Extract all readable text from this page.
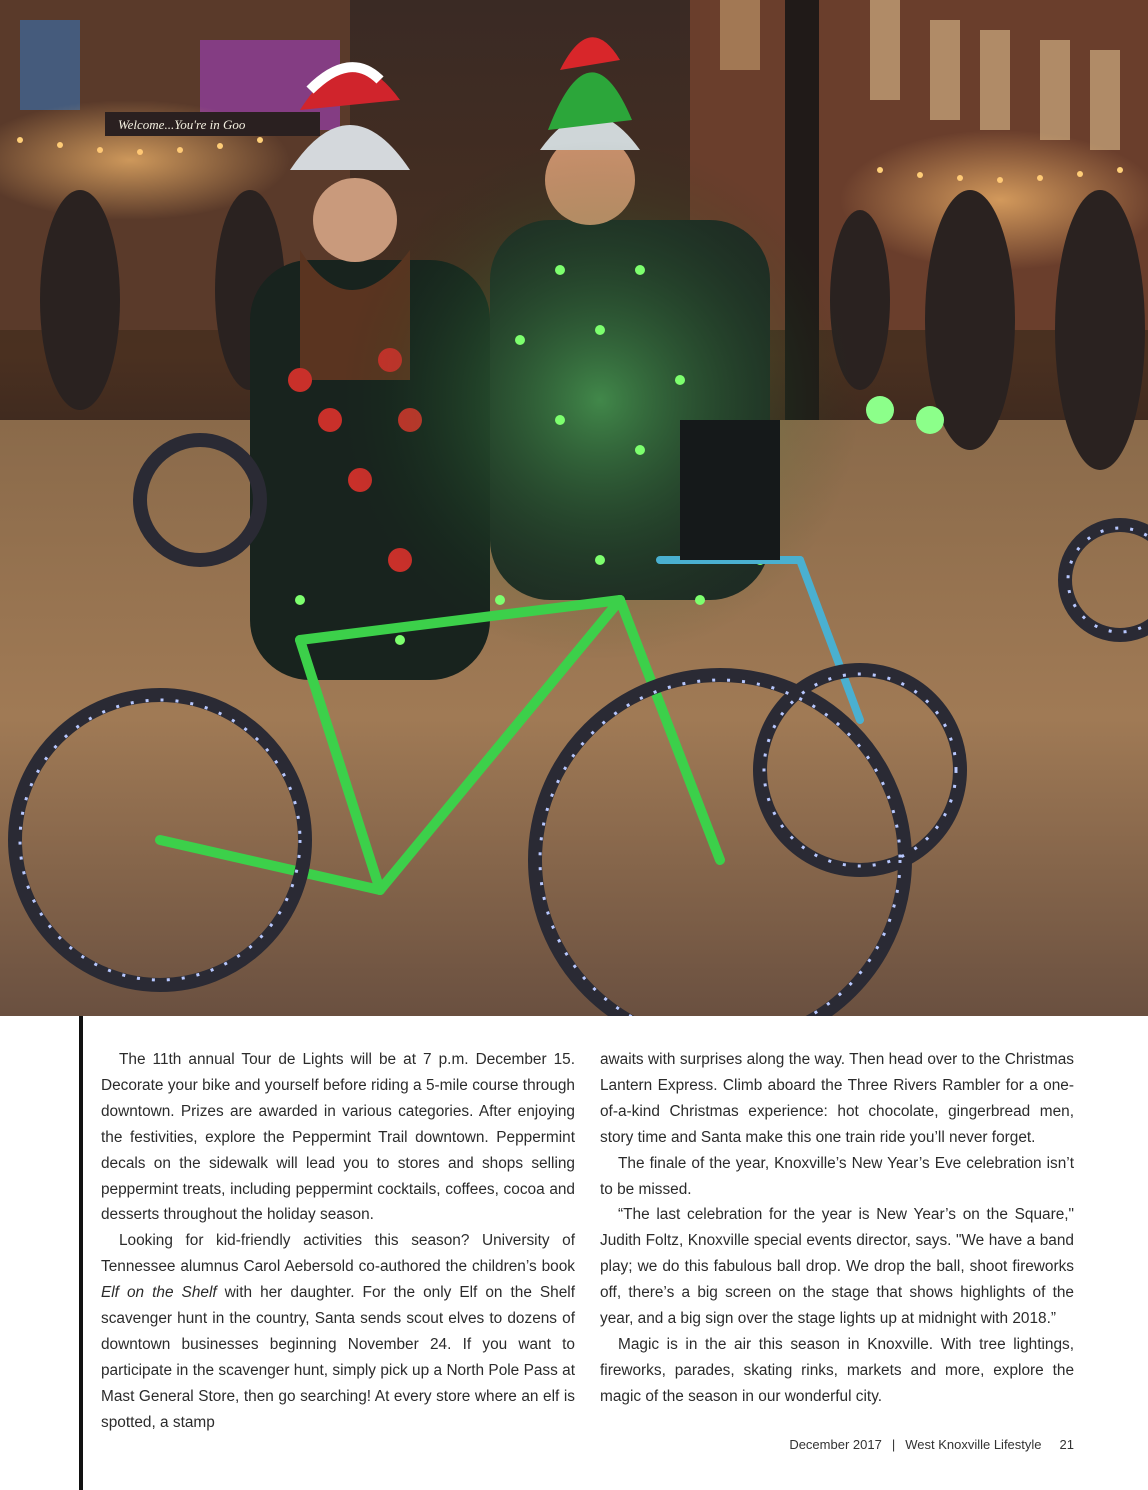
Welcome...You're in Goo

The 11th annual Tour de Lights will be at 7 p.m. December 15. Decorate your bike and yourself before riding a 5-mile course through downtown. Prizes are awarded in various categories. After enjoying the festivities, explore the Peppermint Trail downtown. Peppermint decals on the sidewalk will lead you to stores and shops selling peppermint treats, including peppermint cocktails, coffees, cocoa and desserts throughout the holiday season.

Looking for kid-friendly activities this season? University of Tennessee alumnus Carol Aebersold co-authored the children’s book Elf on the Shelf with her daughter. For the only Elf on the Shelf scavenger hunt in the country, Santa sends scout elves to dozens of downtown businesses beginning November 24. If you want to participate in the scavenger hunt, simply pick up a North Pole Pass at Mast General Store, then go searching! At every store where an elf is spotted, a stamp

awaits with surprises along the way. Then head over to the Christmas Lantern Express. Climb aboard the Three Rivers Rambler for a one-of-a-kind Christmas experience: hot chocolate, gingerbread men, story time and Santa make this one train ride you’ll never forget.

The finale of the year, Knoxville’s New Year’s Eve celebration isn’t to be missed.

“The last celebration for the year is New Year’s on the Square," Judith Foltz, Knoxville special events director, says. "We have a band play; we do this fabulous ball drop. We drop the ball, shoot fireworks off, there’s a big screen on the stage that shows highlights of the year, and a big sign over the stage lights up at midnight with 2018.”

Magic is in the air this season in Knoxville. With tree lightings, fireworks, parades, skating rinks, markets and more, explore the magic of the season in our wonderful city.

December 2017 | West Knoxville Lifestyle 21
